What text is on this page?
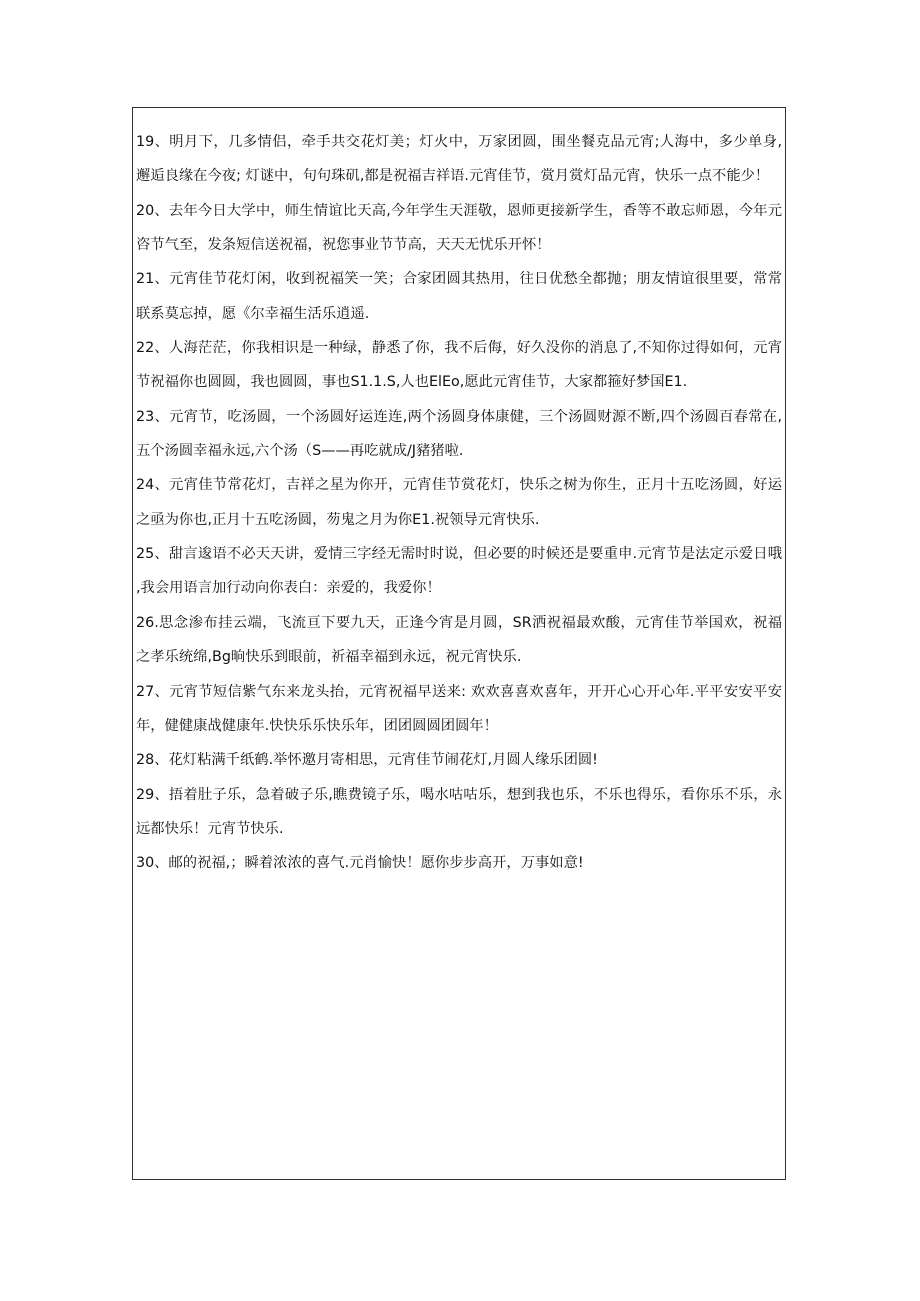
19、明月下，几多情侣，牵手共交花灯美；灯火中，万家团圆，围坐餐克品元宵;人海中，多少单身,
邂逅良缘在今夜; 灯谜中，句句珠矶,都是祝福吉祥语.元宵佳节，赏月赏灯品元宵，快乐一点不能少！
20、去年今日大学中，师生情谊比天高,今年学生天涯敬，恩师更接新学生，香等不敢忘师恩，今年元
咨节气至，发条短信送祝福，祝您事业节节高，天天无忧乐开怀！
21、元宵佳节花灯闲，收到祝福笑一笑；合家团圆其热用，往日优愁全都抛；朋友情谊很里要，常常
联系莫忘掉，愿《尔幸福生活乐逍遥.
22、人海茫茫，你我相识是一种绿，静悉了你，我不后侮，好久没你的消息了,不知你过得如何，元宵
节祝福你也圆圆，我也圆圆，事也S1.1.S,人也ElEo,愿此元宵佳节，大家都箍好梦国E1.
23、元宵节，吃汤圆，一个汤圆好运连连,两个汤圆身体康健，三个汤圆财源不断,四个汤圆百春常在,
五个汤圆幸福永远,六个汤（S——再吃就成/J豬猪啦.
24、元宵佳节常花灯，吉祥之星为你开，元宵佳节赏花灯，快乐之树为你生，正月十五吃汤圆，好运
之亟为你也,正月十五吃汤圆，芴鬼之月为你E1.祝领导元宵快乐.
25、甜言逡语不必天天讲，爱情三字经无需时时说，但必要的时候还是要重申.元宵节是法定示爱日哦
,我会用语言加行动向你表白：亲爱的，我爱你！
26.思念渗布挂云端，飞流亘下要九天，正逢今宵是月圆，SR洒祝福最欢酸，元宵佳节举国欢，祝福
之孝乐统绵,Bg晌快乐到眼前，祈福幸福到永远，祝元宵快乐.
27、元宵节短信紫气东来龙头抬，元宵祝福早送来: 欢欢喜喜欢喜年，开开心心开心年.平平安安平安
年，健健康战健康年.快快乐乐快乐年，团团圆圆团圆年！
28、花灯粘满千纸鹤.举怀邀月寄相思，元宵佳节闹花灯,月圆人缘乐团圆!
29、捂着肚子乐，急着破子乐,瞧费镜子乐，喝水咕咕乐，想到我也乐，不乐也得乐，看你乐不乐，永
远都快乐！元宵节快乐.
30、邮的祝福,；瞬着浓浓的喜气.元肖愉快！愿你步步高开，万事如意!
